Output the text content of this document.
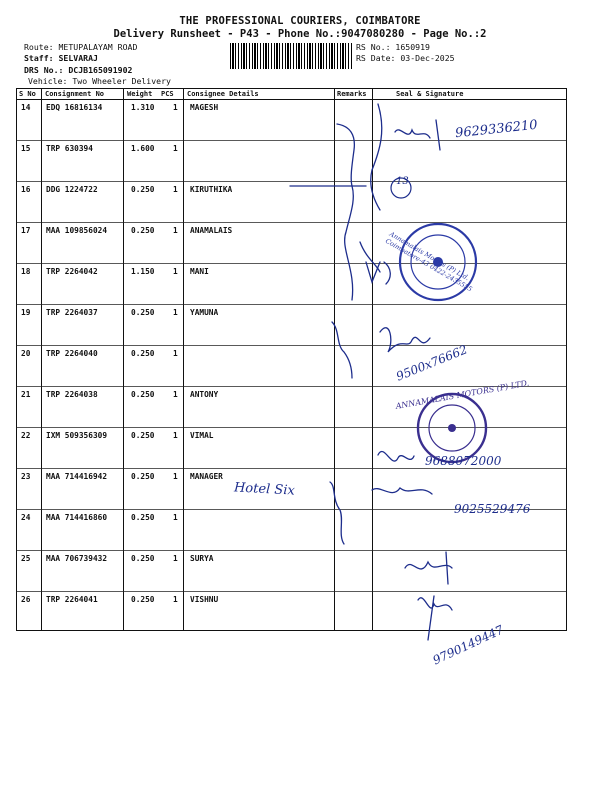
THE PROFESSIONAL COURIERS, COIMBATORE
Delivery Runsheet - P43 - Phone No.:9047080280 - Page No.:2
Route: METUPALAYAM ROAD
Staff: SELVARAJ
DRS No.: DCJB165091902
Vehicle: Two Wheeler Delivery
RS No.: 1650919
RS Date: 03-Dec-2025
S No Consignment No	Weight PCS Consignee Details	Remarks	Seal & Signature
14 EDQ 16816134	1.310 1 MAGESH
15 TRP 630394	1.600 1
16 DDG 1224722	0.250 1 KIRUTHIKA
17 MAA 109856024	0.250 1 ANAMALAIS
18 TRP 2264042	1.150 1 MANI
19 TRP 2264037	0.250 1 YAMUNA
20 TRP 2264040	0.250 1
21 TRP 2264038	0.250 1 ANTONY
22 IXM 509356309	0.250 1 VIMAL
23 MAA 714416942	0.250 1 MANAGER
24 MAA 714416860	0.250 1
25 MAA 706739432	0.250 1 SURYA
26 TRP 2264041	0.250 1 VISHNU
ANNAMALAIS MOTORS (P) LTD.
Annamalais Motors (P) Ltd. Coimbatore-43 0422-2435555
9629336210
13
9500x76662
9688072000
9025529476
9790149447
Hotel Six
